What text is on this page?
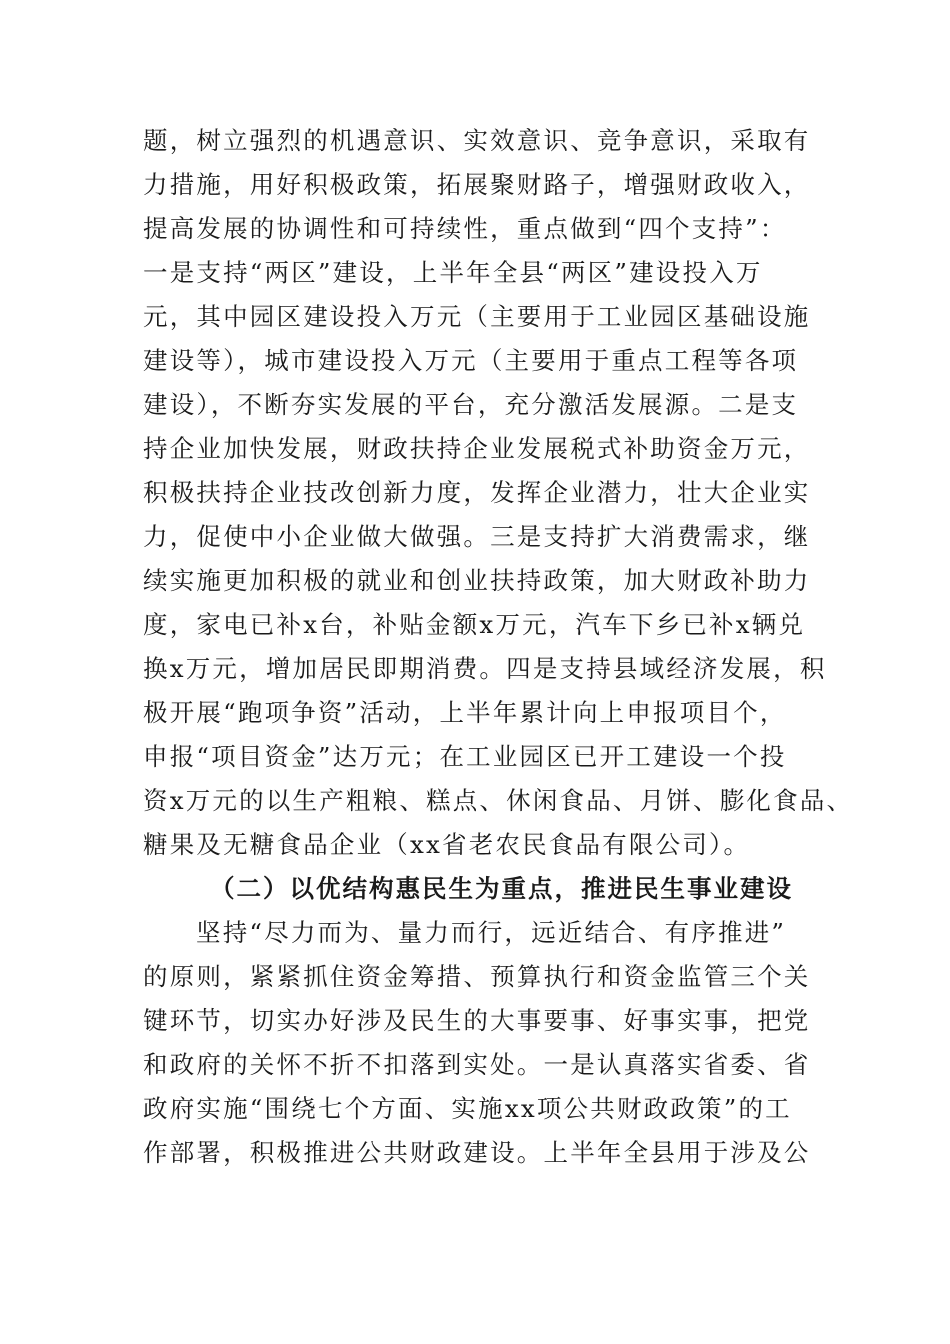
题，树立强烈的机遇意识、实效意识、竞争意识，采取有
力措施，用好积极政策，拓展聚财路子，增强财政收入，
提高发展的协调性和可持续性，重点做到“四个支持”：
一是支持“两区”建设，上半年全县“两区”建设投入万
元，其中园区建设投入万元（主要用于工业园区基础设施
建设等），城市建设投入万元（主要用于重点工程等各项
建设），不断夯实发展的平台，充分激活发展源。二是支
持企业加快发展，财政扶持企业发展税式补助资金万元，
积极扶持企业技改创新力度，发挥企业潜力，壮大企业实
力，促使中小企业做大做强。三是支持扩大消费需求，继
续实施更加积极的就业和创业扶持政策，加大财政补助力
度，家电已补x台，补贴金额x万元，汽车下乡已补x辆兑
换x万元，增加居民即期消费。四是支持县域经济发展，积
极开展“跑项争资”活动，上半年累计向上申报项目个，
申报“项目资金”达万元；在工业园区已开工建设一个投
资x万元的以生产粗粮、糕点、休闲食品、月饼、膨化食品、
糖果及无糖食品企业（xx省老农民食品有限公司）。
（二）以优结构惠民生为重点，推进民生事业建设
坚持“尽力而为、量力而行，远近结合、有序推进”
的原则，紧紧抓住资金筹措、预算执行和资金监管三个关
键环节，切实办好涉及民生的大事要事、好事实事，把党
和政府的关怀不折不扣落到实处。一是认真落实省委、省
政府实施“围绕七个方面、实施xx项公共财政政策”的工
作部署，积极推进公共财政建设。上半年全县用于涉及公
